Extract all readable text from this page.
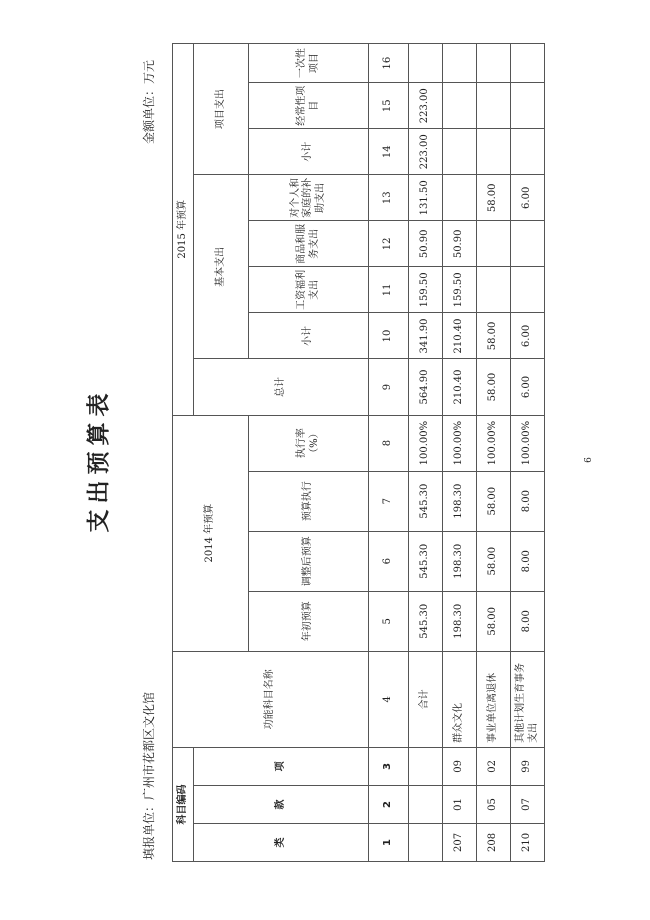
支出预算表
填报单位：广州市花都区文化馆
金额单位：万元
科目编码			功能科目名称	2014 年预算				2015 年预算							
类	款	项						总计	基本支出				项目支出		
				年初预算	调整后预算	预算执行	执行率（%）		小计	工资福利支出	商品和服务支出	对个人和家庭的补助支出	小计	经常性项目	一次性项目
1	2	3	4	5	6	7	8	9	10	11	12	13	14	15	16
			合计	545.30	545.30	545.30	100.00%	564.90	341.90	159.50	50.90	131.50	223.00	223.00	
207	01	09	群众文化	198.30	198.30	198.30	100.00%	210.40	210.40	159.50	50.90				
208	05	02	事业单位离退休	58.00	58.00	58.00	100.00%	58.00	58.00			58.00			
210	07	99	其他计划生育事务支出	8.00	8.00	8.00	100.00%	6.00	6.00			6.00			
6
